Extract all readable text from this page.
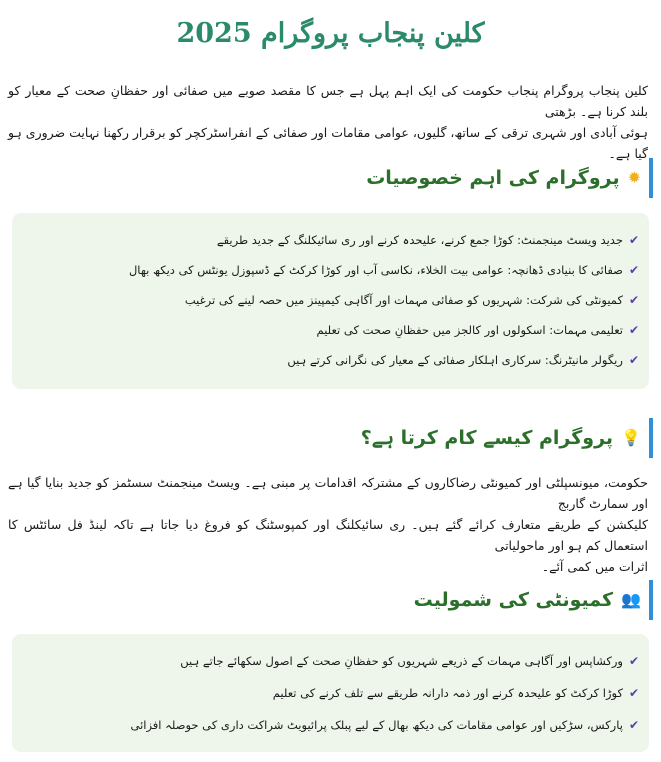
کلین پنجاب پروگرام 2025

کلین پنجاب پروگرام پنجاب حکومت کی ایک اہم پہل ہے جس کا مقصد صوبے میں صفائی اور حفظانِ صحت کے معیار کو بلند کرنا ہے۔ بڑھتی
ہوئی آبادی اور شہری ترقی کے ساتھ، گلیوں، عوامی مقامات اور صفائی کے انفراسٹرکچر کو برقرار رکھنا نہایت ضروری ہو گیا ہے۔

✹
پروگرام کی اہم خصوصیات
✔
جدید ویسٹ مینجمنٹ: کوڑا جمع کرنے، علیحدہ کرنے اور ری سائیکلنگ کے جدید طریقے
✔
صفائی کا بنیادی ڈھانچہ: عوامی بیت الخلاء، نکاسی آب اور کوڑا کرکٹ کے ڈسپوزل یونٹس کی دیکھ بھال
✔
کمیونٹی کی شرکت: شہریوں کو صفائی مہمات اور آگاہی کیمپینز میں حصہ لینے کی ترغیب
✔
تعلیمی مہمات: اسکولوں اور کالجز میں حفظانِ صحت کی تعلیم
✔
ریگولر مانیٹرنگ: سرکاری اہلکار صفائی کے معیار کی نگرانی کرتے ہیں
💡
پروگرام کیسے کام کرتا ہے؟

حکومت، میونسپلٹی اور کمیونٹی رضاکاروں کے مشترکہ اقدامات پر مبنی ہے۔ ویسٹ مینجمنٹ سسٹمز کو جدید بنایا گیا ہے اور سمارٹ گاربج
کلیکشن کے طریقے متعارف کرائے گئے ہیں۔ ری سائیکلنگ اور کمپوسٹنگ کو فروغ دیا جاتا ہے تاکہ لینڈ فل سائٹس کا استعمال کم ہو اور ماحولیاتی
اثرات میں کمی آئے۔

👥
کمیونٹی کی شمولیت
✔
ورکشاپس اور آگاہی مہمات کے ذریعے شہریوں کو حفظانِ صحت کے اصول سکھائے جاتے ہیں
✔
کوڑا کرکٹ کو علیحدہ کرنے اور ذمہ دارانہ طریقے سے تلف کرنے کی تعلیم
✔
پارکس، سڑکیں اور عوامی مقامات کی دیکھ بھال کے لیے پبلک پرائیویٹ شراکت داری کی حوصلہ افزائی
